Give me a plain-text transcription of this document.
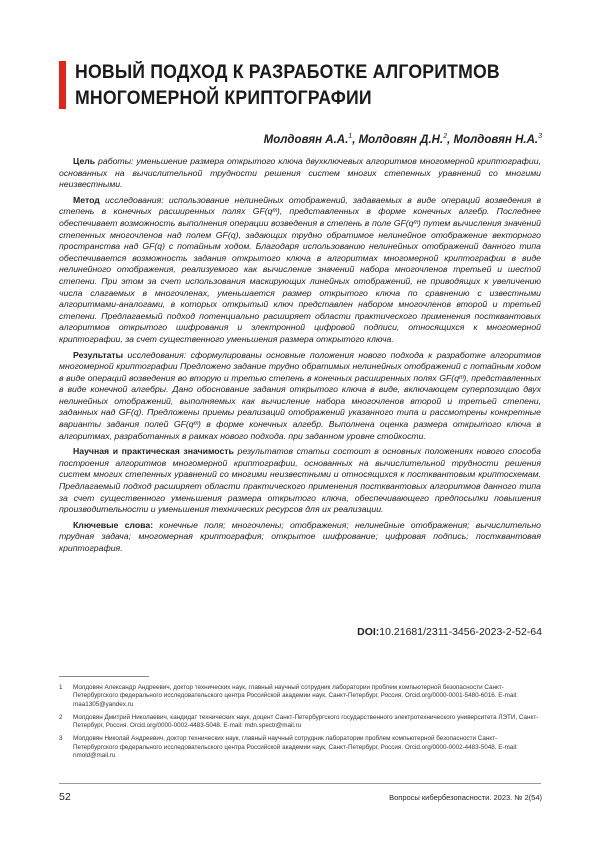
НОВЫЙ ПОДХОД К РАЗРАБОТКЕ АЛГОРИТМОВ МНОГОМЕРНОЙ КРИПТОГРАФИИ
Молдовян А.А.$^1$, Молдовян Д.Н.$^2$, Молдовян Н.А.$^3$

Цель работы: уменьшение размера открытого ключа двухключевых алгоритмов многомерной криптографии, основанных на вычислительной трудности решения систем многих степенных уравнений со многими неизвестными.

Метод исследования: использование нелинейных отображений, задаваемых в виде операций возведения в степень в конечных расширенных полях GF(qᵐ), представленных в форме конечных алгебр. Последнее обеспечивает возможность выполнения операции возведения в степень в поле GF(qᵐ) путем вычисления значений степенных многочленов над полем GF(q), задающих трудно обратимое нелинейное отображение векторного пространства над GF(q) с потайным ходом. Благодаря использованию нелинейных отображений данного типа обеспечивается возможность задания открытого ключа в алгоритмах многомерной криптографии в виде нелинейного отображения, реализуемого как вычисление значений набора многочленов третьей и шестой степени. При этом за счет использования маскирующих линейных отображений, не приводящих к увеличению числа слагаемых в многочленах, уменьшается размер открытого ключа по сравнению с известными алгоритмами-аналогами, в которых открытый ключ представлен набором многочленов второй и третьей степени. Предлагаемый подход потенциально расширяет области практического применения постквантовых алгоритмов открытого шифрования и электронной цифровой подписи, относящихся к многомерной криптографии, за счет существенного уменьшения размера открытого ключа.

Результаты исследования: сформулированы основные положения нового подхода к разработке алгоритмов многомерной криптографии Предложено задание трудно обратимых нелинейных отображений с потайным ходом в виде операций возведения во вторую и третью степень в конечных расширенных полях GF(qᵐ), представленных в виде конечной алгебры. Дано обоснование задания открытого ключа в виде, включающем суперпозицию двух нелинейных отображений, выполняемых как вычисление набора многочленов второй и третьей степени, заданных над GF(q). Предложены приемы реализаций отображений указанного типа и рассмотрены конкретные варианты задания полей GF(qᵐ) в форме конечных алгебр. Выполнена оценка размера открытого ключа в алгоритмах, разработанных в рамках нового подхода. при заданном уровне стойкости.

Научная и практическая значимость результатов статьи состоит в основных положениях нового способа построения алгоритмов многомерной криптографии, основанных на вычислительной трудности решения систем многих степенных уравнений со многими неизвестными и относящихся к постквантовым криптосхемам. Предлагаемый подход расширяет области практического применения постквантовых алгоритмов данного типа за счет существенного уменьшения размера открытого ключа, обеспечивающего предпосылки повышения производительности и уменьшения технических ресурсов для их реализации.

Ключевые слова: конечные поля; многочлены; отображения; нелинейные отображения; вычислительно трудная задача; многомерная криптография; открытое шифрование; цифровая подпись; постквантовая криптография.

DOI:10.21681/2311-3456-2023-2-52-64
1	Молдовян Александр Андреевич, доктор технических наук, главный научный сотрудник лаборатории проблем компьютерной безопасности Санкт-Петербургского федерального исследовательского центра Российской академии наук, Санкт-Петербург, Россия. Orcid.org/0000-0001-5480-6016. E-mail: maa1305@yandex.ru
2	Молдовян Дмитрий Николаевич, кандидат технических наук, доцент Санкт-Петербургского государственного электротехнического университета ЛЭТИ, Санкт-Петербург, Россия. Orcid.org/0000-0002-4483-5048. E-mail: mdn.spectr@mail.ru
3	Молдовян Николай Андреевич, доктор технических наук, главный научный сотрудник лаборатории проблем компьютерной безопасности Санкт-Петербургского федерального исследовательского центра Российской академии наук, Санкт-Петербург, Россия. Orcid.org/0000-0002-4483-5048. E-mail: nmold@mail.ru
52	Вопросы кибербезопасности. 2023. № 2(54)
